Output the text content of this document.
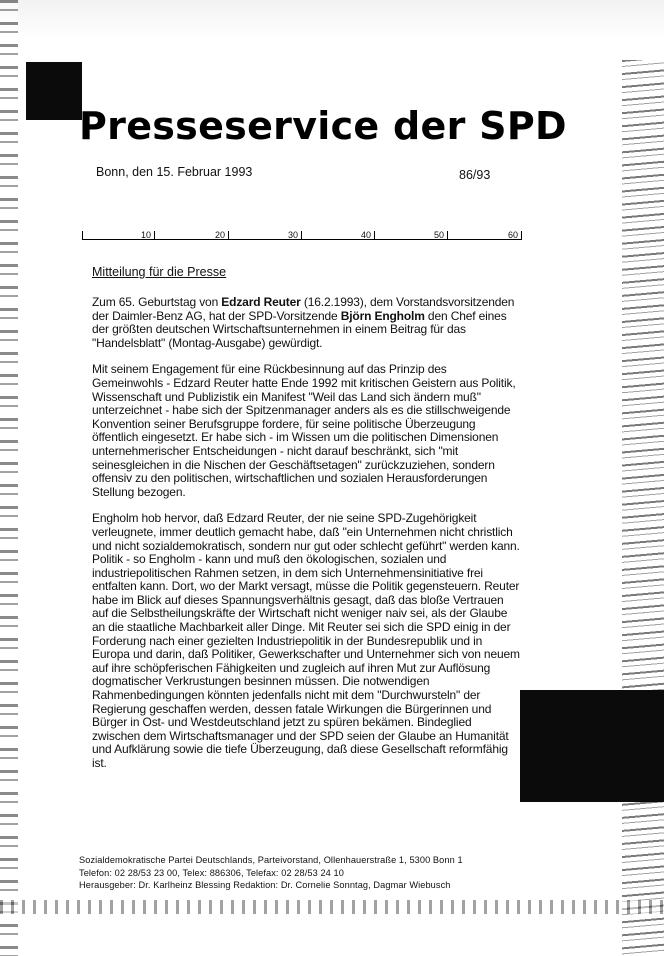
Presseservice der SPD
Bonn, den 15. Februar 1993	86/93
10	20	30	40	50	60
Mitteilung für die Presse

Zum 65. Geburtstag von Edzard Reuter (16.2.1993), dem Vorstandsvorsitzenden der Daimler-Benz AG, hat der SPD-Vorsitzende Björn Engholm den Chef eines der größten deutschen Wirtschaftsunternehmen in einem Beitrag für das "Handelsblatt" (Montag-Ausgabe) gewürdigt.

Mit seinem Engagement für eine Rückbesinnung auf das Prinzip des Gemeinwohls - Edzard Reuter hatte Ende 1992 mit kritischen Geistern aus Politik, Wissenschaft und Publizistik ein Manifest "Weil das Land sich ändern muß" unterzeichnet - habe sich der Spitzenmanager anders als es die stillschweigende Konvention seiner Berufsgruppe fordere, für seine politische Überzeugung öffentlich eingesetzt. Er habe sich - im Wissen um die politischen Dimensionen unternehmerischer Entscheidungen - nicht darauf beschränkt, sich "mit seinesgleichen in die Nischen der Geschäftsetagen" zurückzuziehen, sondern offensiv zu den politischen, wirtschaftlichen und sozialen Herausforderungen Stellung bezogen.

Engholm hob hervor, daß Edzard Reuter, der nie seine SPD-Zugehörigkeit verleugnete, immer deutlich gemacht habe, daß "ein Unternehmen nicht christlich und nicht sozialdemokratisch, sondern nur gut oder schlecht geführt" werden kann. Politik - so Engholm - kann und muß den ökologischen, sozialen und industriepolitischen Rahmen setzen, in dem sich Unternehmensinitiative frei entfalten kann. Dort, wo der Markt versagt, müsse die Politik gegensteuern. Reuter habe im Blick auf dieses Spannungsverhältnis gesagt, daß das bloße Vertrauen auf die Selbstheilungskräfte der Wirtschaft nicht weniger naiv sei, als der Glaube an die staatliche Machbarkeit aller Dinge. Mit Reuter sei sich die SPD einig in der Forderung nach einer gezielten Industriepolitik in der Bundesrepublik und in Europa und darin, daß Politiker, Gewerkschafter und Unternehmer sich von neuem auf ihre schöpferischen Fähigkeiten und zugleich auf ihren Mut zur Auflösung dogmatischer Verkrustungen besinnen müssen. Die notwendigen Rahmenbedingungen könnten jedenfalls nicht mit dem "Durchwursteln" der Regierung geschaffen werden, dessen fatale Wirkungen die Bürgerinnen und Bürger in Ost- und Westdeutschland jetzt zu spüren bekämen. Bindeglied zwischen dem Wirtschaftsmanager und der SPD seien der Glaube an Humanität und Aufklärung sowie die tiefe Überzeugung, daß diese Gesellschaft reformfähig ist.

Sozialdemokratische Partei Deutschlands, Parteivorstand, Ollenhauerstraße 1, 5300 Bonn 1
Telefon: 02 28/53 23 00, Telex: 886306, Telefax: 02 28/53 24 10
Herausgeber: Dr. Karlheinz Blessing Redaktion: Dr. Cornelie Sonntag, Dagmar Wiebusch
